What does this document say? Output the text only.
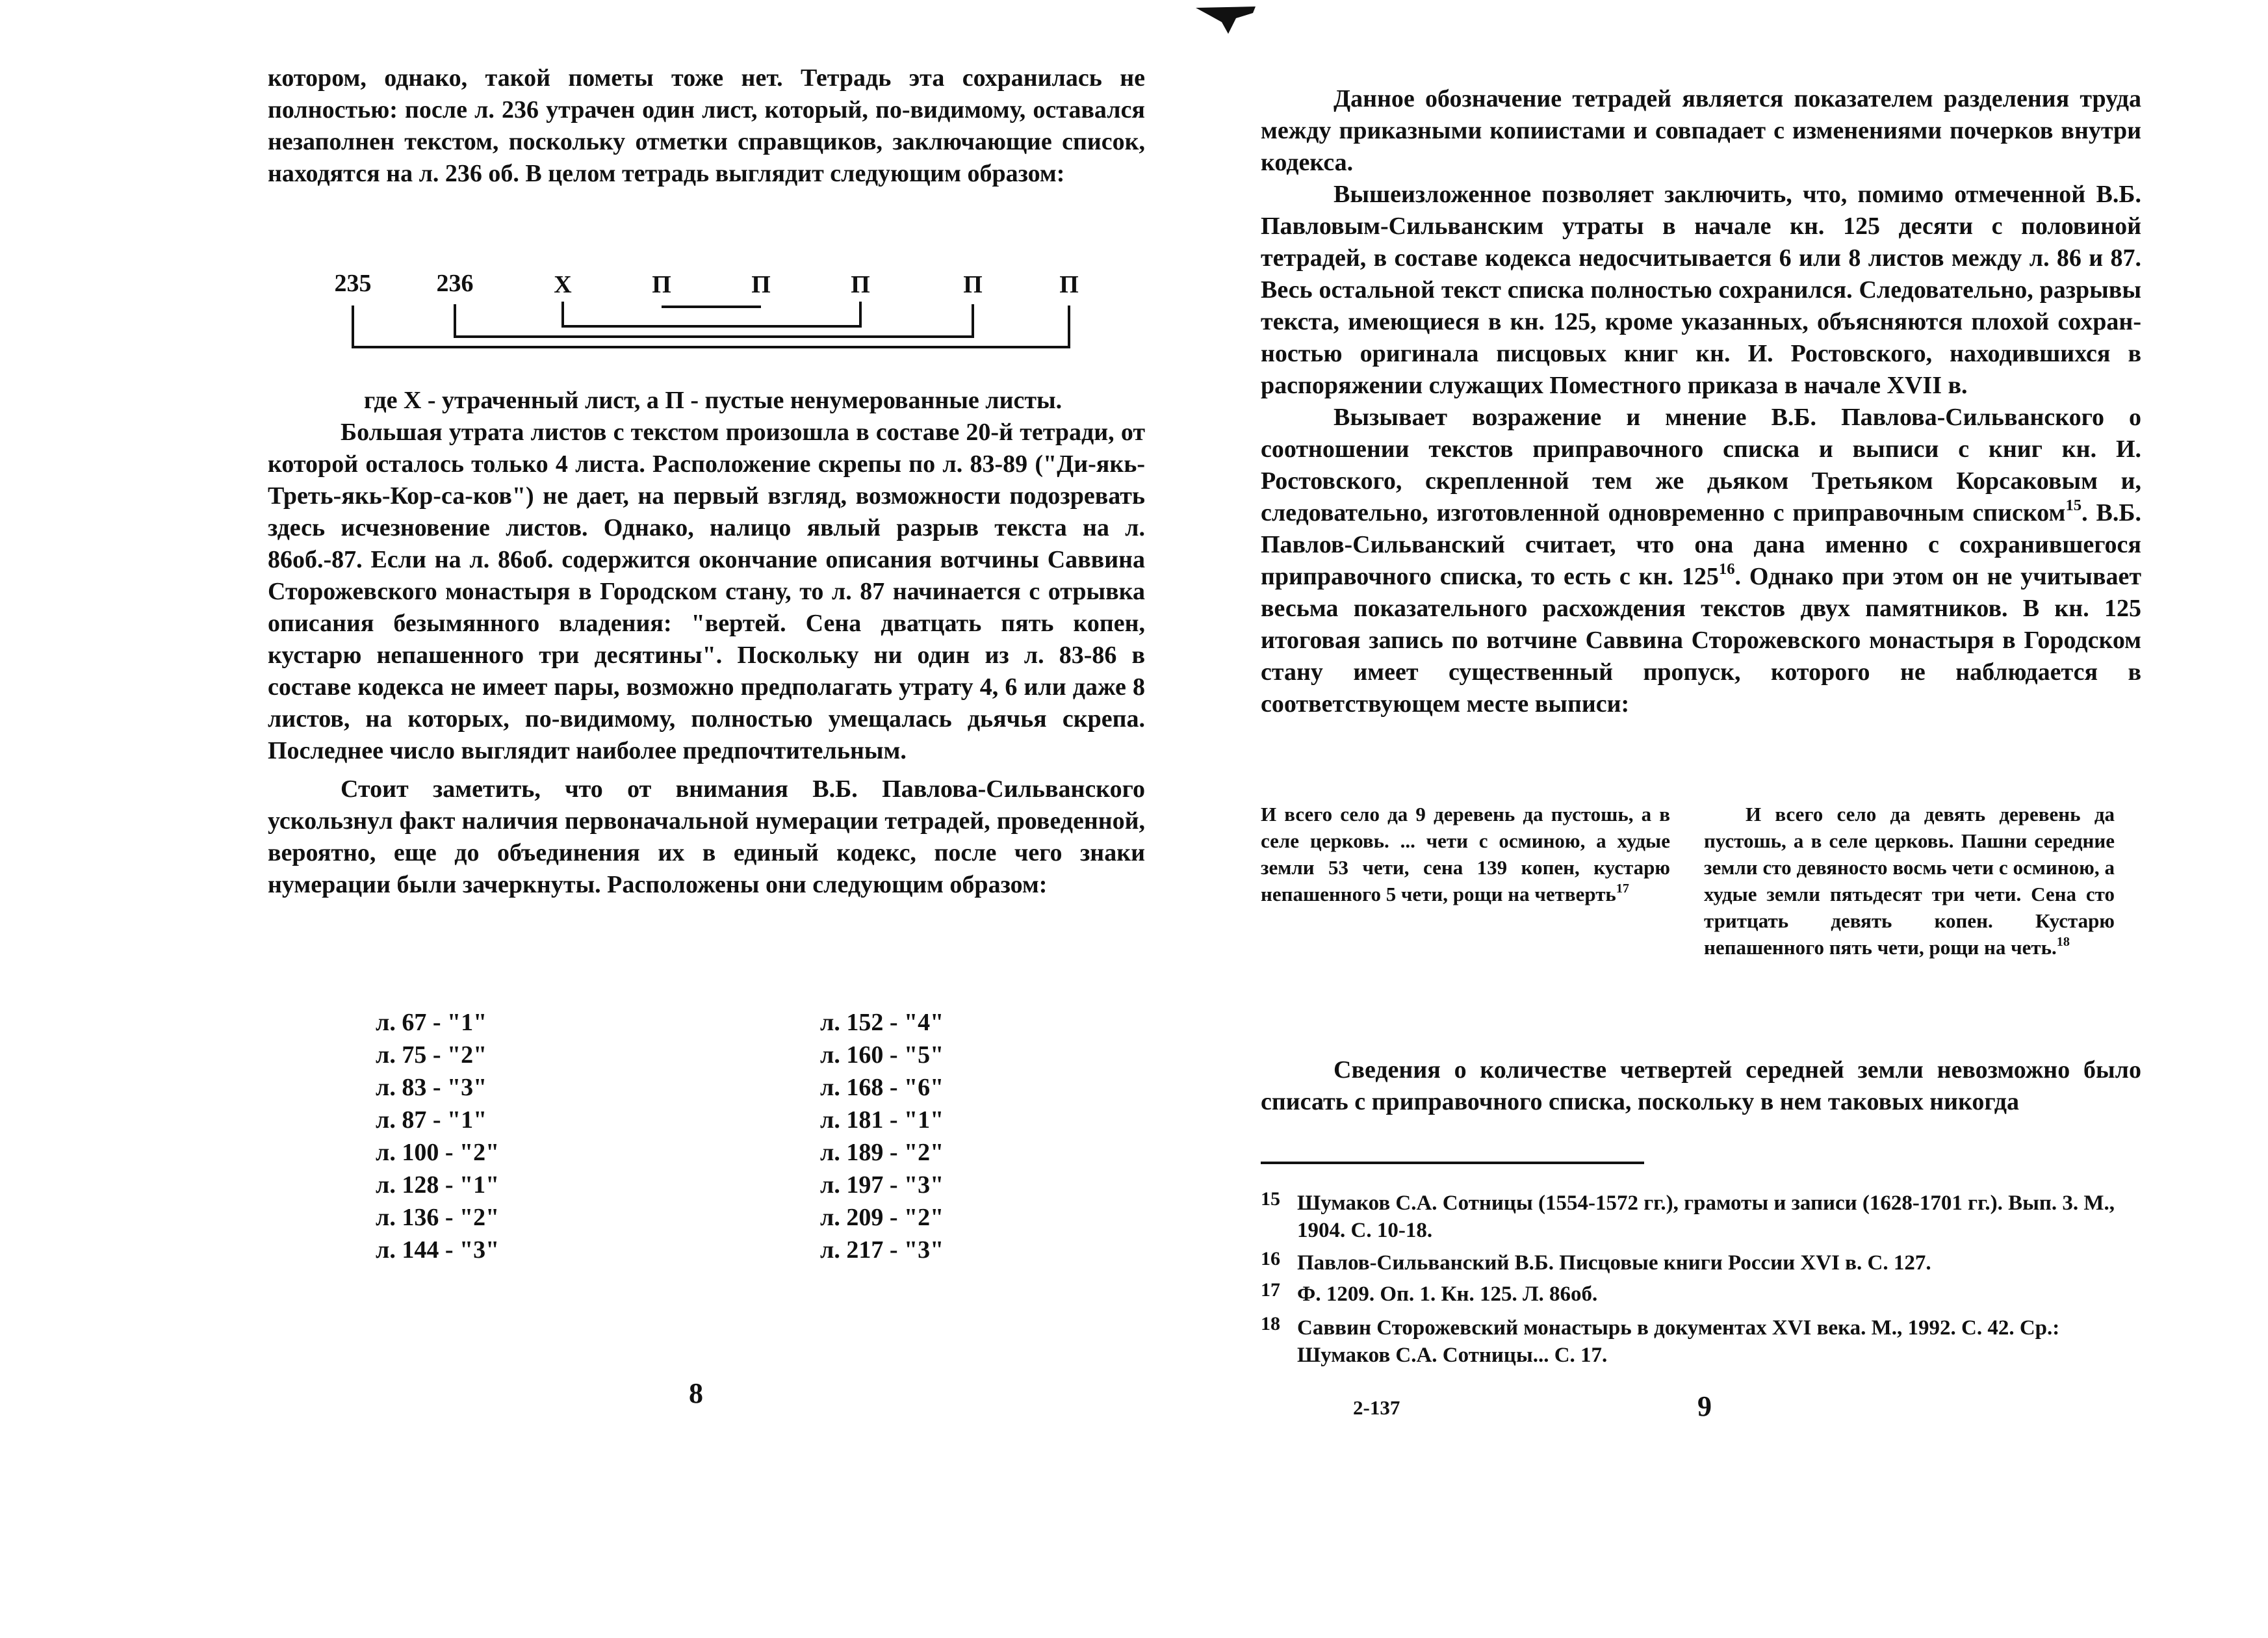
котором, однако, такой пометы тоже нет. Тетрадь эта сохранилась не полностью: после л. 236 утрачен один лист, который, по-видимому, оставался незаполнен текстом, поскольку отметки справщиков, заключающие список, находятся на л. 236 об. В целом тетрадь выглядит следующим образом:

235	236	X	П	П	П	П	П

где X - утраченный лист, а П - пустые ненумерованные листы.

Большая утрата листов с текстом произошла в составе 20-й тетради, от которой осталось только 4 листа. Расположение скрепы по л. 83-89 ("Ди-якь-Треть-якь-Кор-са-ков") не дает, на первый взгляд, возможности подозревать здесь исчезновение листов. Однако, налицо явлый разрыв текста на л. 86об.-87. Если на л. 86об. содержится окончание описания вотчины Саввина Сторожевского монастыря в Городском стану, то л. 87 начинается с отрывка описания безымянного владения: "вертей. Сена дватцать пять копен, кустарю непашенного три десятины". Поскольку ни один из л. 83-86 в составе кодекса не имеет пары, возможно предполагать утрату 4, 6 или даже 8 листов, на которых, по-видимому, полностью умещалась дьячья скрепа. Последнее число выглядит наиболее предпочтительным.

Стоит заметить, что от внимания В.Б. Павлова-Сильванского ускользнул факт наличия первоначальной нумерации тетрадей, проведенной, вероятно, еще до объединения их в единый кодекс, после чего знаки нумерации были зачеркнуты. Расположены они следующим образом:

л. 67 - "1"
л. 75 - "2"
л. 83 - "3"
л. 87 - "1"
л. 100 - "2"
л. 128 - "1"
л. 136 - "2"
л. 144 - "3"
л. 152 - "4"
л. 160 - "5"
л. 168 - "6"
л. 181 - "1"
л. 189 - "2"
л. 197 - "3"
л. 209 - "2"
л. 217 - "3"
8

Данное обозначение тетрадей является показателем разделения труда между приказными копиистами и совпадает с изменениями почерков внутри кодекса.

Вышеизложенное позволяет заключить, что, помимо отмеченной В.Б. Павловым-Сильванским утраты в начале кн. 125 десяти с половиной тетрадей, в составе кодекса недосчитывается 6 или 8 листов между л. 86 и 87. Весь остальной текст списка полностью сохранился. Следовательно, разрывы текста, имеющиеся в кн. 125, кроме указанных, объясняются плохой сохран-ностью оригинала писцовых книг кн. И. Ростовского, находившихся в распоряжении служащих Поместного приказа в начале XVII в.

Вызывает возражение и мнение В.Б. Павлова-Сильванского о соотношении текстов приправочного списка и выписи с книг кн. И. Ростовского, скрепленной тем же дьяком Третьяком Корсаковым и, следовательно, изготовленной одновременно с приправочным списком$^{15}$. В.Б. Павлов-Сильванский считает, что она дана именно с сохранившегося приправочного списка, то есть с кн. $125^{16}$. Однако при этом он не учитывает весьма показательного расхождения текстов двух памятников. В кн. 125 итоговая запись по вотчине Саввина Сторожевского монастыря в Городском стану имеет существенный пропуск, которого не наблюдается в соответствующем месте выписи:

И всего село да 9 деревень да пустошь, а в селе церковь. ... чети с осминою, а худые земли 53 чети, сена 139 копен, кустарю непашенного 5 чети, рощи на четверть$^{17}$
И всего село да девять деревень да пустошь, а в селе церковь. Пашни середние земли сто девяносто восмь чети с осминою, а худые земли пятьдесят три чети. Сена сто тритцать девять копен. Кустарю непашенного пять чети, рощи на четь.$^{18}$

Сведения о количестве четвертей середней земли невозможно было списать с приправочного списка, поскольку в нем таковых никогда

15 Шумаков С.А. Сотницы (1554-1572 гг.), грамоты и записи (1628-1701 гг.). Вып. 3. М., 1904. С. 10-18.
16 Павлов-Сильванский В.Б. Писцовые книги России XVI в. С. 127.
17 Ф. 1209. Оп. 1. Кн. 125. Л. 86об.
18 Саввин Сторожевский монастырь в документах XVI века. М., 1992. С. 42. Ср.: Шумаков С.А. Сотницы... С. 17.
2-137	9
